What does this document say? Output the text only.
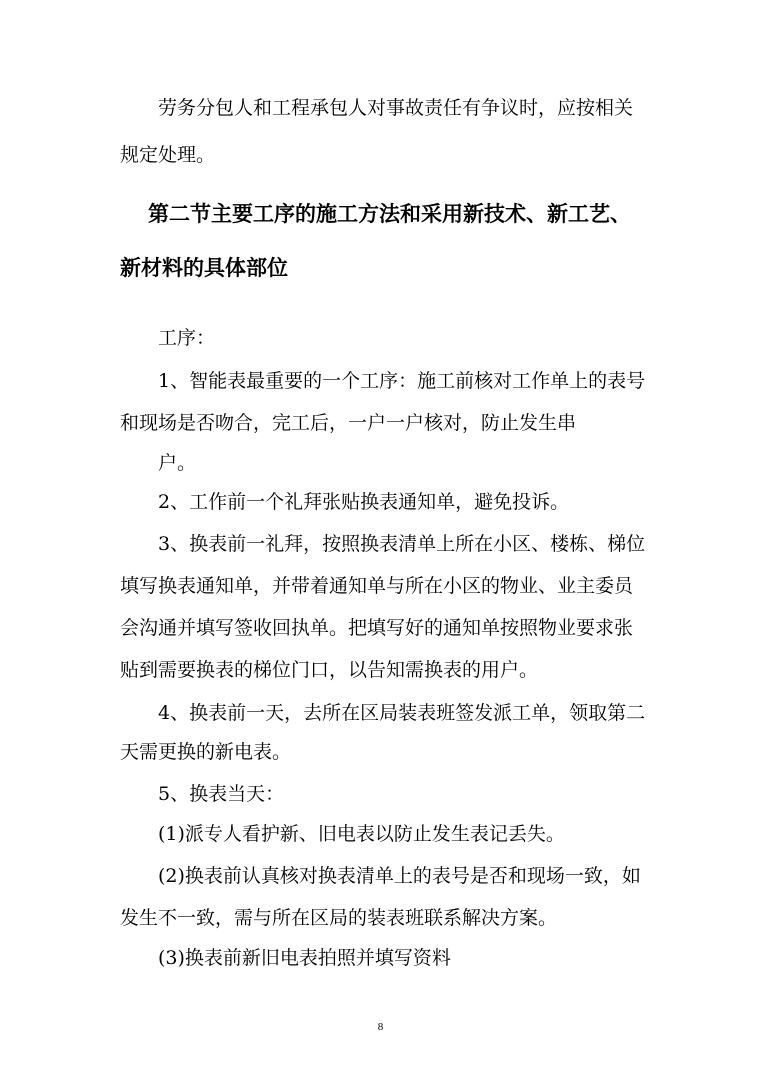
劳务分包人和工程承包人对事故责任有争议时，应按相关
规定处理。
第二节主要工序的施工方法和采用新技术、新工艺、
新材料的具体部位
工序：
1、智能表最重要的一个工序：施工前核对工作单上的表号
和现场是否吻合，完工后，一户一户核对，防止发生串
户。
2、工作前一个礼拜张贴换表通知单，避免投诉。
3、换表前一礼拜，按照换表清单上所在小区、楼栋、梯位
填写换表通知单，并带着通知单与所在小区的物业、业主委员
会沟通并填写签收回执单。把填写好的通知单按照物业要求张
贴到需要换表的梯位门口，以告知需换表的用户。
4、换表前一天，去所在区局装表班签发派工单，领取第二
天需更换的新电表。
5、换表当天：
(1)派专人看护新、旧电表以防止发生表记丢失。
(2)换表前认真核对换表清单上的表号是否和现场一致，如
发生不一致，需与所在区局的装表班联系解决方案。
(3)换表前新旧电表拍照并填写资料
8
